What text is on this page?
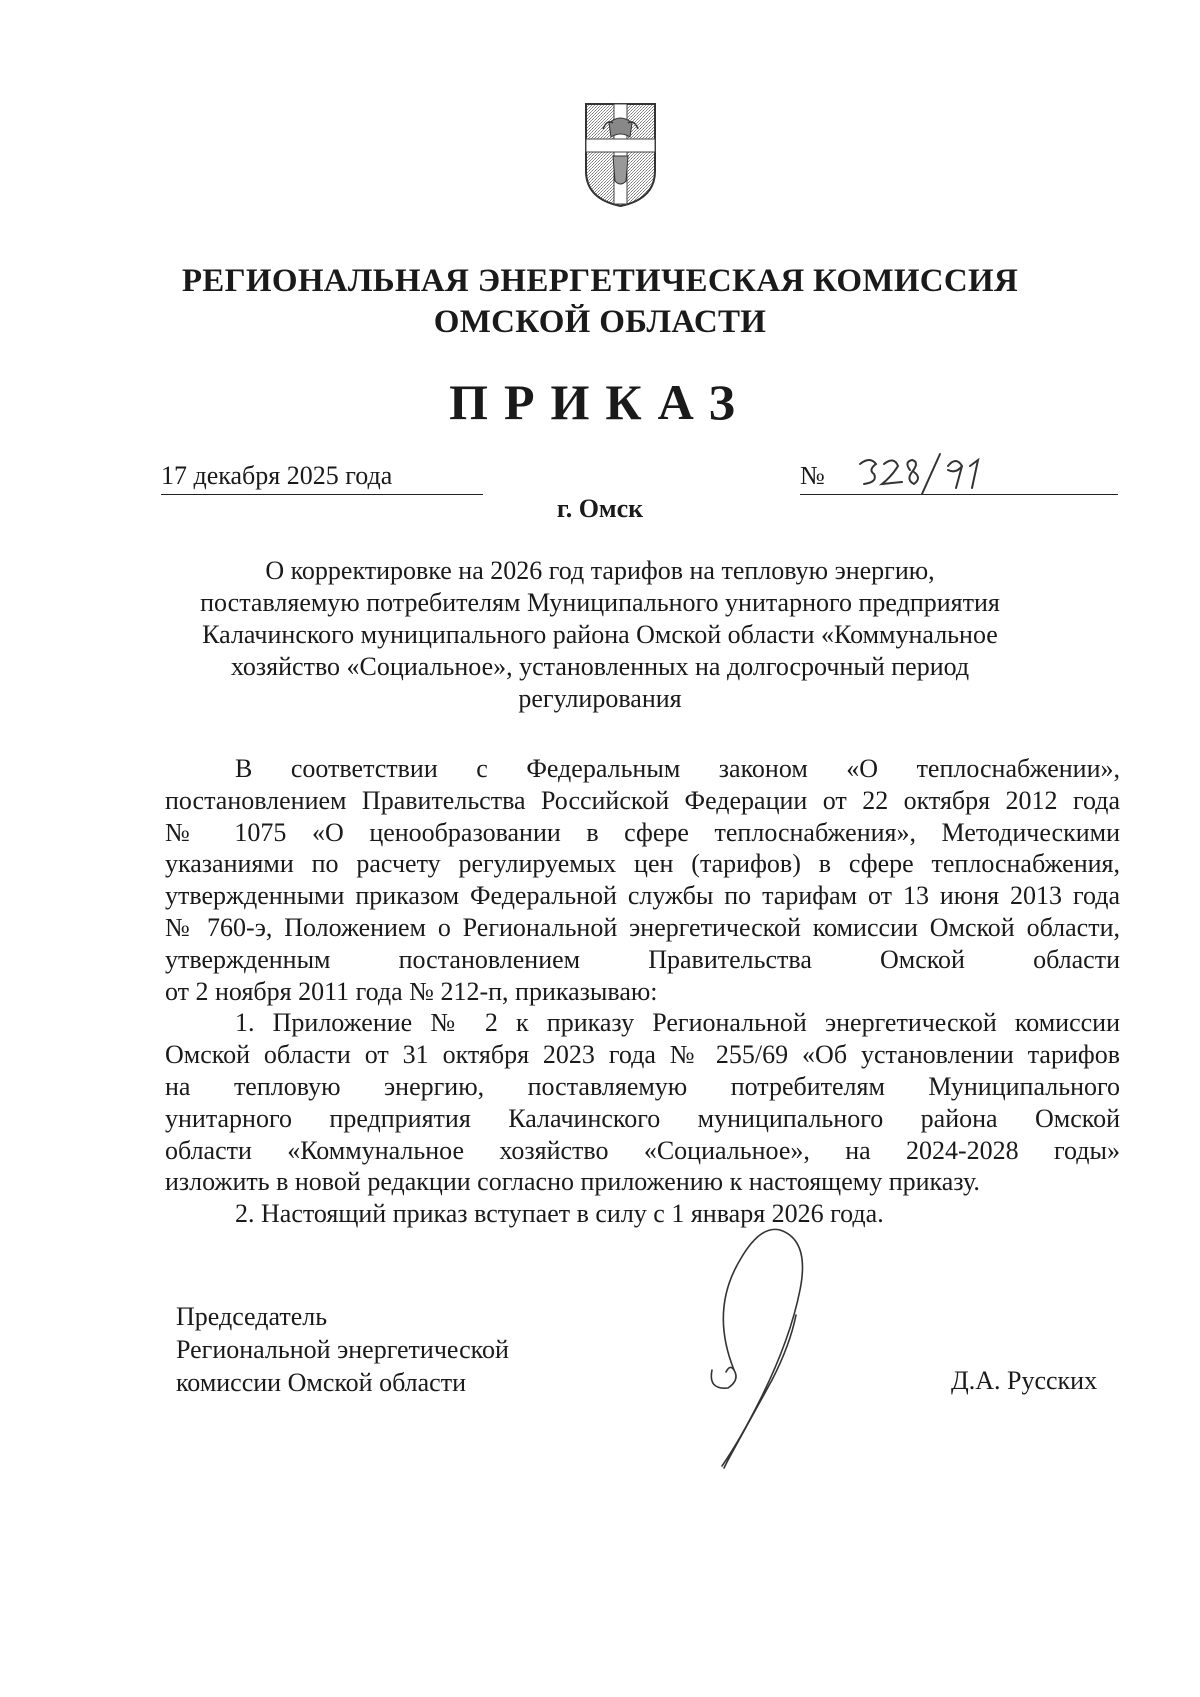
РЕГИОНАЛЬНАЯ ЭНЕРГЕТИЧЕСКАЯ КОМИССИЯ
ОМСКОЙ ОБЛАСТИ
ПРИКАЗ
17 декабря 2025 года	№
г. Омск
О корректировке на 2026 год тарифов на тепловую энергию,
поставляемую потребителям Муниципального унитарного предприятия
Калачинского муниципального района Омской области «Коммунальное
хозяйство «Социальное», установленных на долгосрочный период
регулирования
В соответствии с Федеральным законом «О теплоснабжении»,
постановлением Правительства Российской Федерации от 22 октября 2012 года
№ 1075 «О ценообразовании в сфере теплоснабжения», Методическими
указаниями по расчету регулируемых цен (тарифов) в сфере теплоснабжения,
утвержденными приказом Федеральной службы по тарифам от 13 июня 2013 года
№ 760-э, Положением о Региональной энергетической комиссии Омской области,
утвержденным постановлением Правительства Омской области
от 2 ноября 2011 года № 212-п, приказываю:
1. Приложение № 2 к приказу Региональной энергетической комиссии
Омской области от 31 октября 2023 года № 255/69 «Об установлении тарифов
на тепловую энергию, поставляемую потребителям Муниципального
унитарного предприятия Калачинского муниципального района Омской
области «Коммунальное хозяйство «Социальное», на 2024-2028 годы»
изложить в новой редакции согласно приложению к настоящему приказу.
2. Настоящий приказ вступает в силу с 1 января 2026 года.
Председатель
Региональной энергетической
комиссии Омской области	Д.А. Русских
